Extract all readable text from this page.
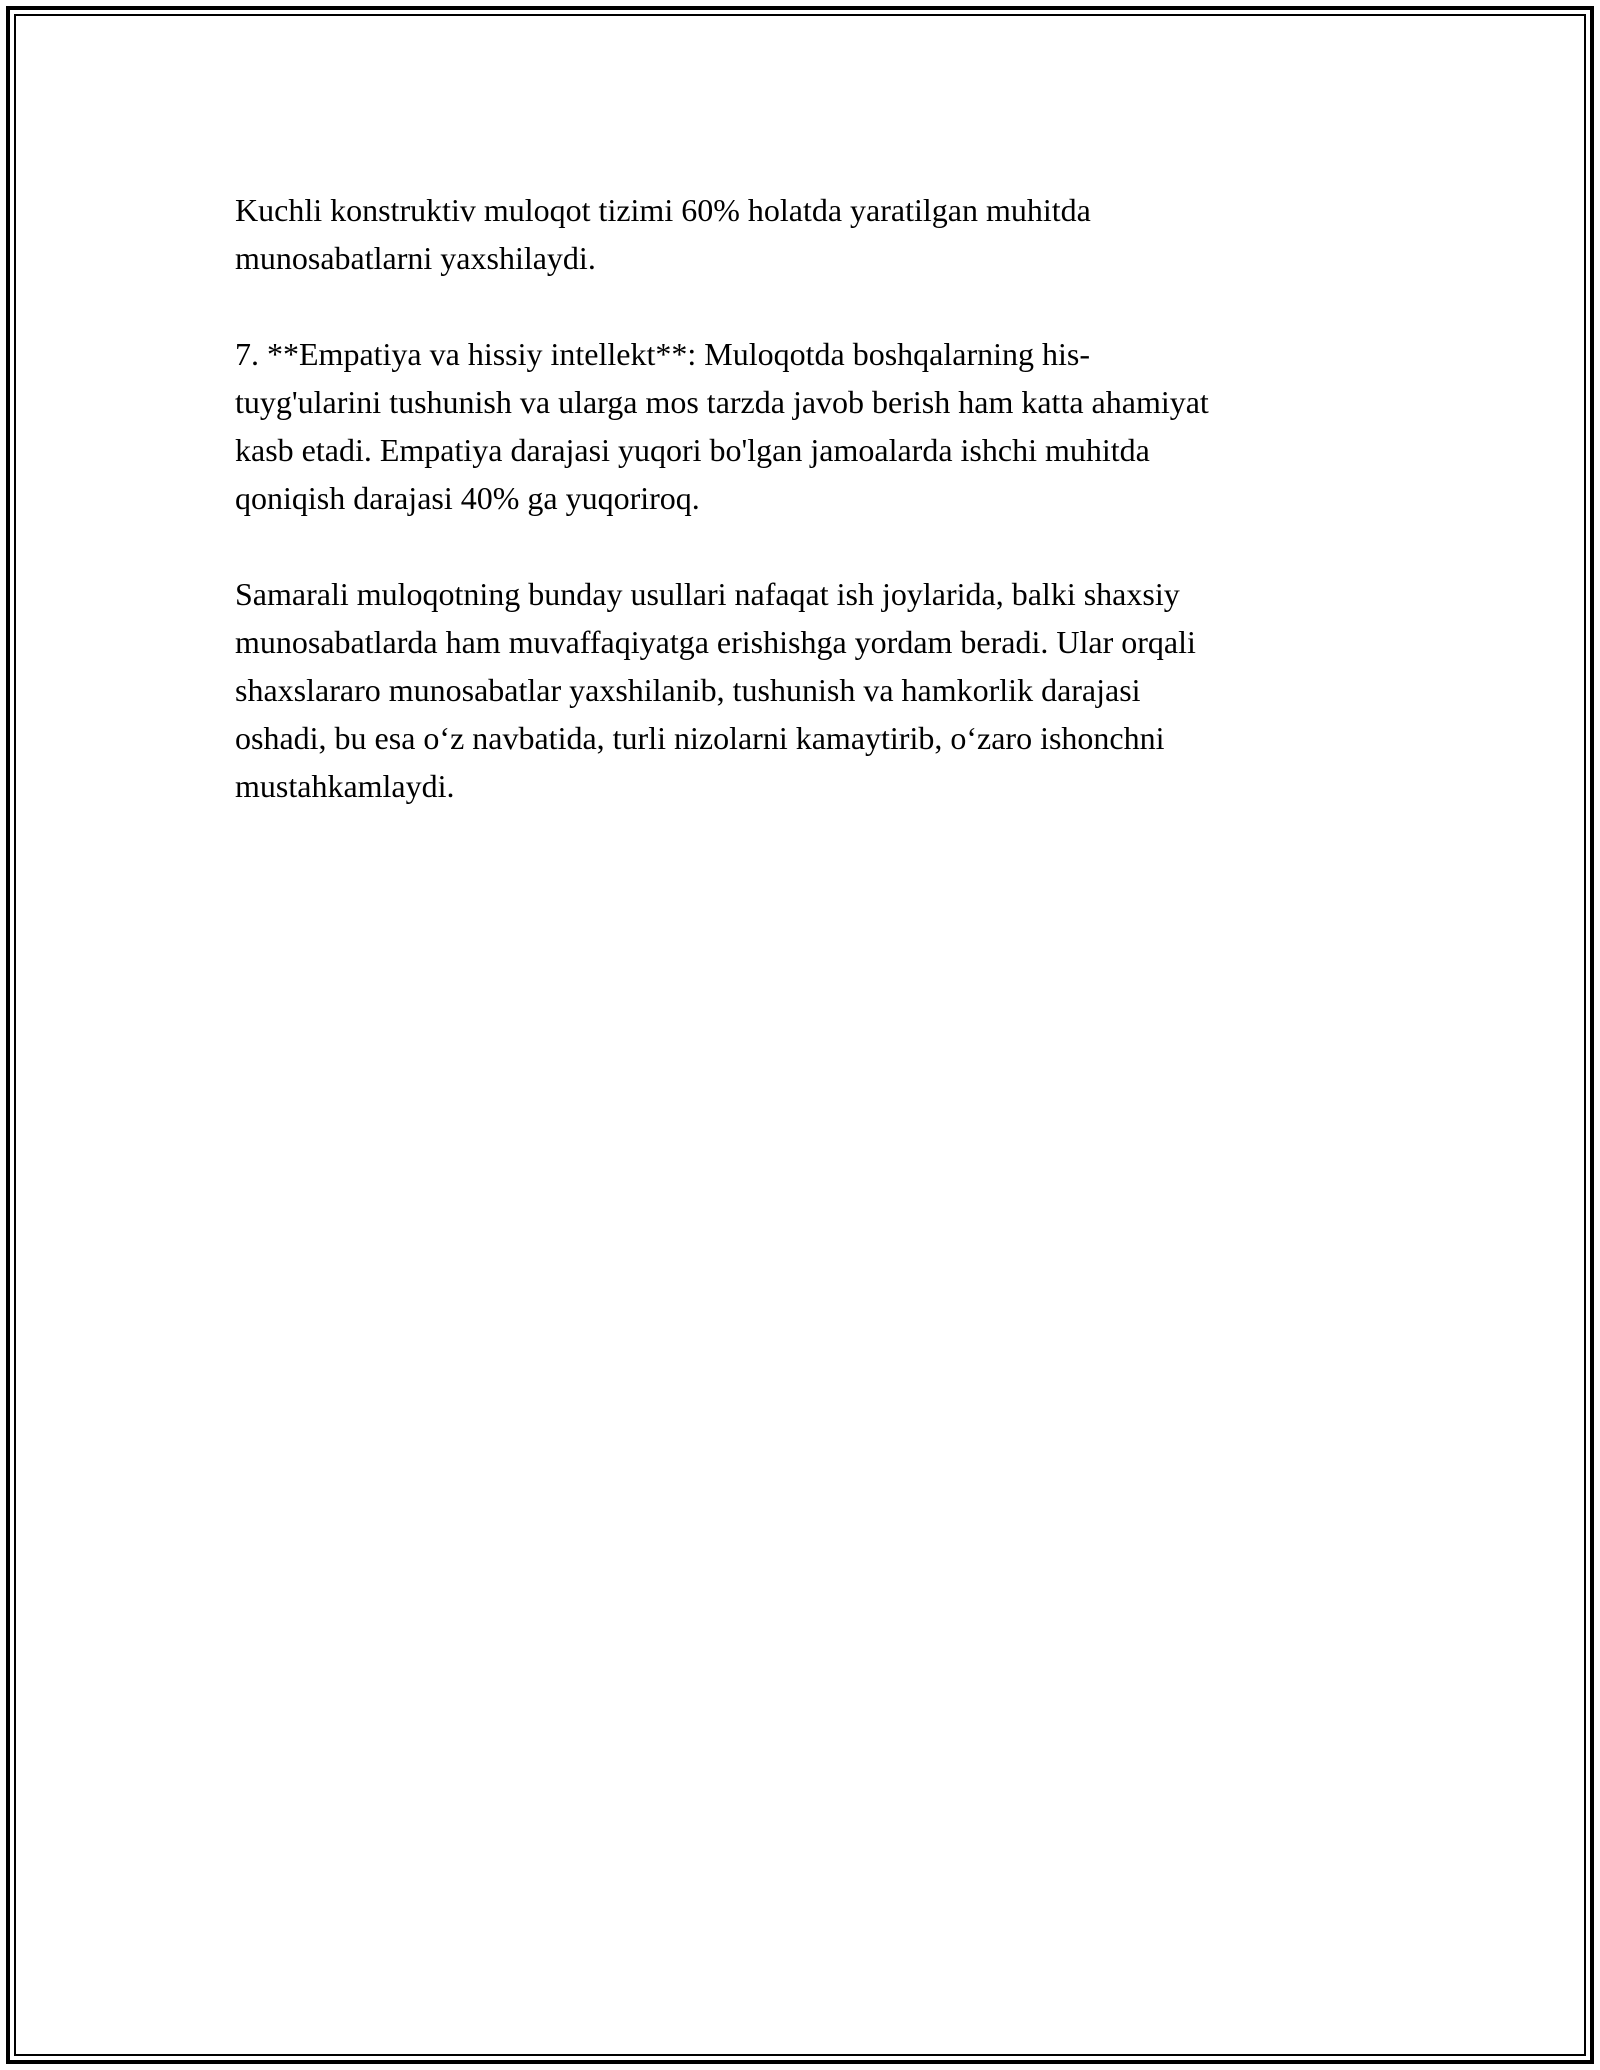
Kuchli konstruktiv muloqot tizimi 60% holatda yaratilgan muhitda
munosabatlarni yaxshilaydi.

7. **Empatiya va hissiy intellekt**: Muloqotda boshqalarning his-
tuyg'ularini tushunish va ularga mos tarzda javob berish ham katta ahamiyat
kasb etadi. Empatiya darajasi yuqori bo'lgan jamoalarda ishchi muhitda
qoniqish darajasi 40% ga yuqoriroq.

Samarali muloqotning bunday usullari nafaqat ish joylarida, balki shaxsiy
munosabatlarda ham muvaffaqiyatga erishishga yordam beradi. Ular orqali
shaxslararo munosabatlar yaxshilanib, tushunish va hamkorlik darajasi
oshadi, bu esa o‘z navbatida, turli nizolarni kamaytirib, o‘zaro ishonchni
mustahkamlaydi.
